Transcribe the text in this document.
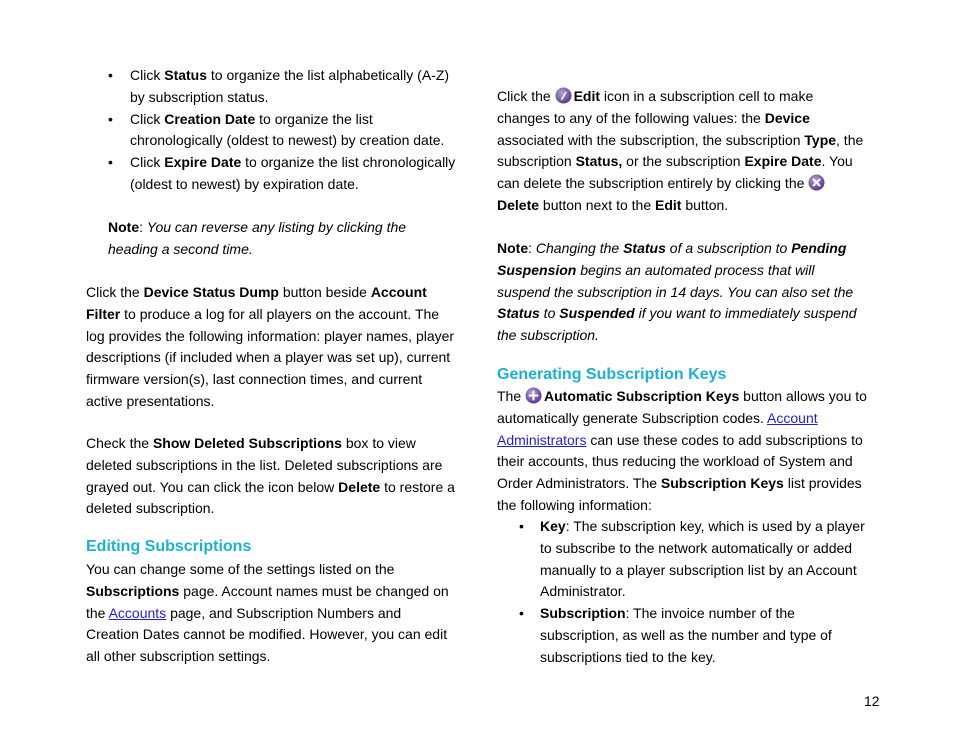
• Click Status to organize the list alphabetically (A-Z) by subscription status.
• Click Creation Date to organize the list chronologically (oldest to newest) by creation date.
• Click Expire Date to organize the list chronologically (oldest to newest) by expiration date.

Note: You can reverse any listing by clicking the heading a second time.

Click the Device Status Dump button beside Account Filter to produce a log for all players on the account. The log provides the following information: player names, player descriptions (if included when a player was set up), current firmware version(s), last connection times, and current active presentations.

Check the Show Deleted Subscriptions box to view deleted subscriptions in the list. Deleted subscriptions are grayed out. You can click the icon below Delete to restore a deleted subscription.

Editing Subscriptions

You can change some of the settings listed on the Subscriptions page. Account names must be changed on the Accounts page, and Subscription Numbers and Creation Dates cannot be modified. However, you can edit all other subscription settings.

Click the
Edit icon in a subscription cell to make changes to any of the following values: the Device associated with the subscription, the subscription Type, the subscription Status, or the subscription Expire Date. You can delete the subscription entirely by clicking the
Delete button next to the Edit button.

Note: Changing the Status of a subscription to Pending Suspension begins an automated process that will suspend the subscription in 14 days. You can also set the Status to Suspended if you want to immediately suspend the subscription.

Generating Subscription Keys

The
Automatic Subscription Keys button allows you to automatically generate Subscription codes. Account Administrators can use these codes to add subscriptions to their accounts, thus reducing the workload of System and Order Administrators. The Subscription Keys list provides the following information:

• Key: The subscription key, which is used by a player to subscribe to the network automatically or added manually to a player subscription list by an Account Administrator.
• Subscription: The invoice number of the subscription, as well as the number and type of subscriptions tied to the key.
12
